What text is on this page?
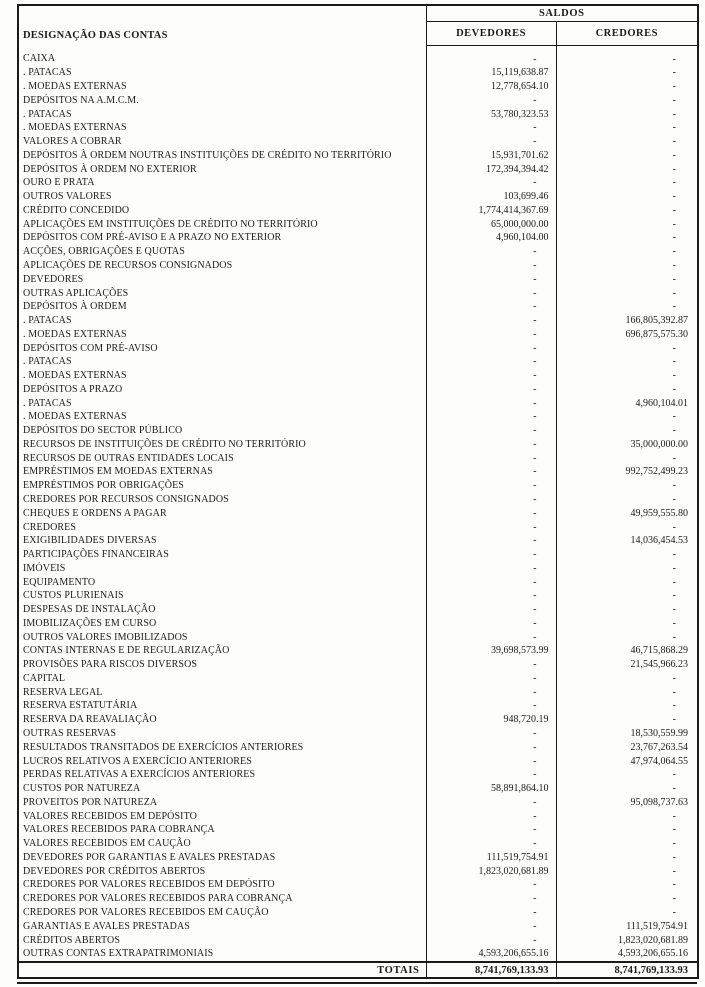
DESIGNAÇÃO DAS CONTAS	SALDOS	
	DEVEDORES	CREDORES
CAIXA	-	-
. PATACAS	15,119,638.87	-
. MOEDAS EXTERNAS	12,778,654.10	-
DEPÓSITOS NA A.M.C.M.	-	-
. PATACAS	53,780,323.53	-
. MOEDAS EXTERNAS	-	-
VALORES A COBRAR	-	-
DEPÓSITOS À ORDEM NOUTRAS INSTITUIÇÕES DE CRÉDITO NO TERRITÓRIO	15,931,701.62	-
DEPÓSITOS À ORDEM NO EXTERIOR	172,394,394.42	-
OURO E PRATA	-	-
OUTROS VALORES	103,699.46	-
CRÉDITO CONCEDIDO	1,774,414,367.69	-
APLICAÇÕES EM INSTITUIÇÕES DE CRÉDITO NO TERRITÓRIO	65,000,000.00	-
DEPÓSITOS COM PRÉ-AVISO E A PRAZO NO EXTERIOR	4,960,104.00	-
ACÇÕES, OBRIGAÇÕES E QUOTAS	-	-
APLICAÇÕES DE RECURSOS CONSIGNADOS	-	-
DEVEDORES	-	-
OUTRAS APLICAÇÕES	-	-
DEPÓSITOS À ORDEM	-	-
. PATACAS	-	166,805,392.87
. MOEDAS EXTERNAS	-	696,875,575.30
DEPÓSITOS COM PRÉ-AVISO	-	-
. PATACAS	-	-
. MOEDAS EXTERNAS	-	-
DEPÓSITOS A PRAZO	-	-
. PATACAS	-	4,960,104.01
. MOEDAS EXTERNAS	-	-
DEPÓSITOS DO SECTOR PÚBLICO	-	-
RECURSOS DE INSTITUIÇÕES DE CRÉDITO NO TERRITÓRIO	-	35,000,000.00
RECURSOS DE OUTRAS ENTIDADES LOCAIS	-	-
EMPRÉSTIMOS EM MOEDAS EXTERNAS	-	992,752,499.23
EMPRÉSTIMOS POR OBRIGAÇÕES	-	-
CREDORES POR RECURSOS CONSIGNADOS	-	-
CHEQUES E ORDENS A PAGAR	-	49,959,555.80
CREDORES	-	-
EXIGIBILIDADES DIVERSAS	-	14,036,454.53
PARTICIPAÇÕES FINANCEIRAS	-	-
IMÓVEIS	-	-
EQUIPAMENTO	-	-
CUSTOS PLURIENAIS	-	-
DESPESAS DE INSTALAÇÃO	-	-
IMOBILIZAÇÕES EM CURSO	-	-
OUTROS VALORES IMOBILIZADOS	-	-
CONTAS INTERNAS E DE REGULARIZAÇÃO	39,698,573.99	46,715,868.29
PROVISÕES PARA RISCOS DIVERSOS	-	21,545,966.23
CAPITAL	-	-
RESERVA LEGAL	-	-
RESERVA ESTATUTÁRIA	-	-
RESERVA DA REAVALIAÇÃO	948,720.19	-
OUTRAS RESERVAS	-	18,530,559.99
RESULTADOS TRANSITADOS DE EXERCÍCIOS ANTERIORES	-	23,767,263.54
LUCROS RELATIVOS A EXERCÍCIO ANTERIORES	-	47,974,064.55
PERDAS RELATIVAS A EXERCÍCIOS ANTERIORES	-	-
CUSTOS POR NATUREZA	58,891,864.10	-
PROVEITOS POR NATUREZA	-	95,098,737.63
VALORES RECEBIDOS EM DEPÓSITO	-	-
VALORES RECEBIDOS PARA COBRANÇA	-	-
VALORES RECEBIDOS EM CAUÇÃO	-	-
DEVEDORES POR GARANTIAS E AVALES PRESTADAS	111,519,754.91	-
DEVEDORES POR CRÉDITOS ABERTOS	1,823,020,681.89	-
CREDORES POR VALORES RECEBIDOS EM DEPÓSITO	-	-
CREDORES POR VALORES RECEBIDOS PARA COBRANÇA	-	-
CREDORES POR VALORES RECEBIDOS EM CAUÇÃO	-	-
GARANTIAS E AVALES PRESTADAS	-	111,519,754.91
CRÉDITOS ABERTOS	-	1,823,020,681.89
OUTRAS CONTAS EXTRAPATRIMONIAIS	4,593,206,655.16	4,593,206,655.16
TOTAIS	8,741,769,133.93	8,741,769,133.93
